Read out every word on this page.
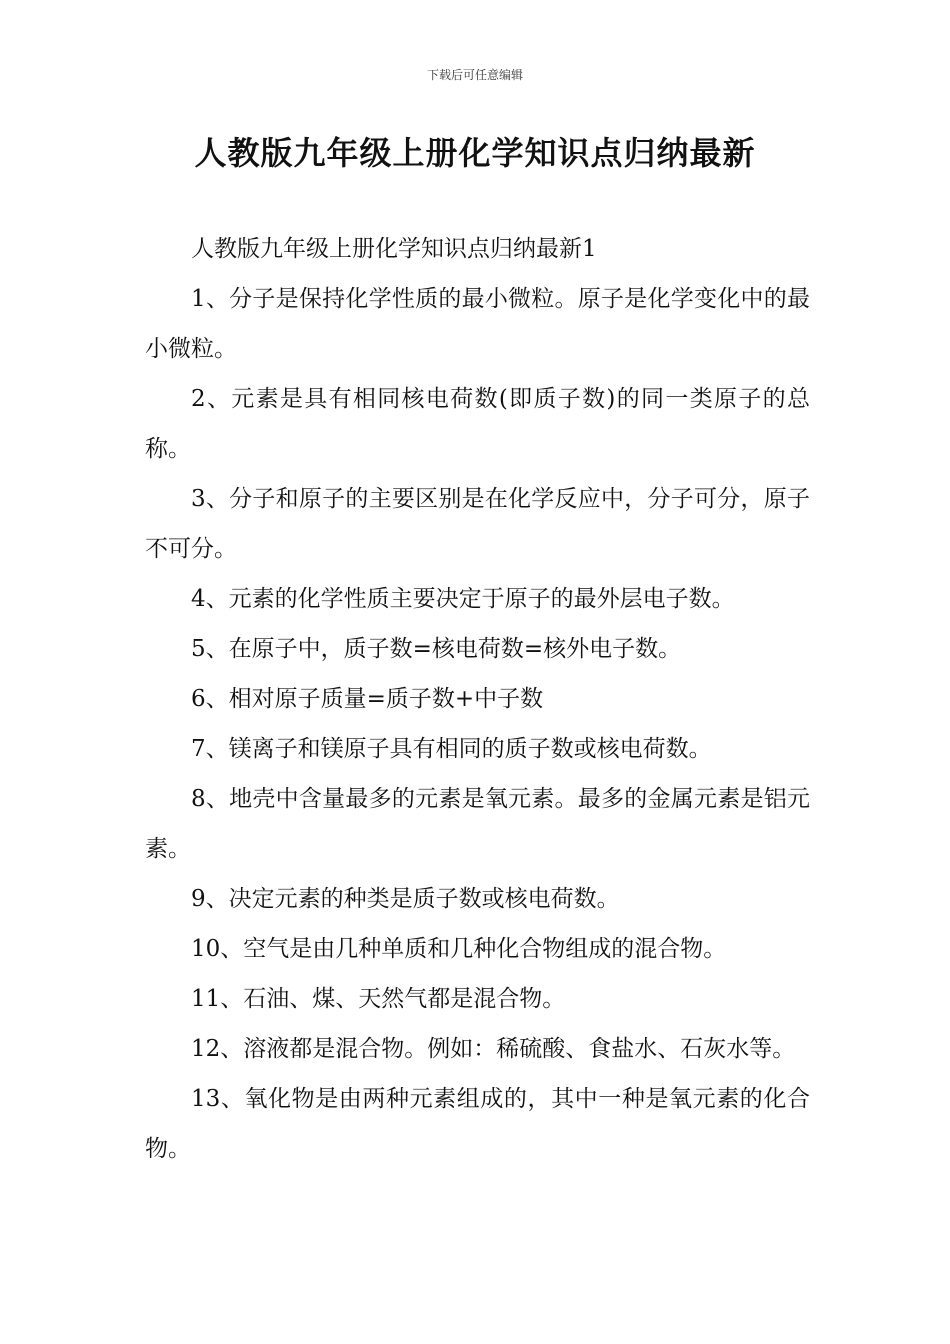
下载后可任意编辑
人教版九年级上册化学知识点归纳最新

人教版九年级上册化学知识点归纳最新1

1、分子是保持化学性质的最小微粒。原子是化学变化中的最小微粒。

2、元素是具有相同核电荷数(即质子数)的同一类原子的总称。

3、分子和原子的主要区别是在化学反应中，分子可分，原子不可分。

4、元素的化学性质主要决定于原子的最外层电子数。

5、在原子中，质子数=核电荷数=核外电子数。

6、相对原子质量=质子数+中子数

7、镁离子和镁原子具有相同的质子数或核电荷数。

8、地壳中含量最多的元素是氧元素。最多的金属元素是铝元素。

9、决定元素的种类是质子数或核电荷数。

10、空气是由几种单质和几种化合物组成的混合物。

11、石油、煤、天然气都是混合物。

12、溶液都是混合物。例如：稀硫酸、食盐水、石灰水等。

13、氧化物是由两种元素组成的，其中一种是氧元素的化合物。
